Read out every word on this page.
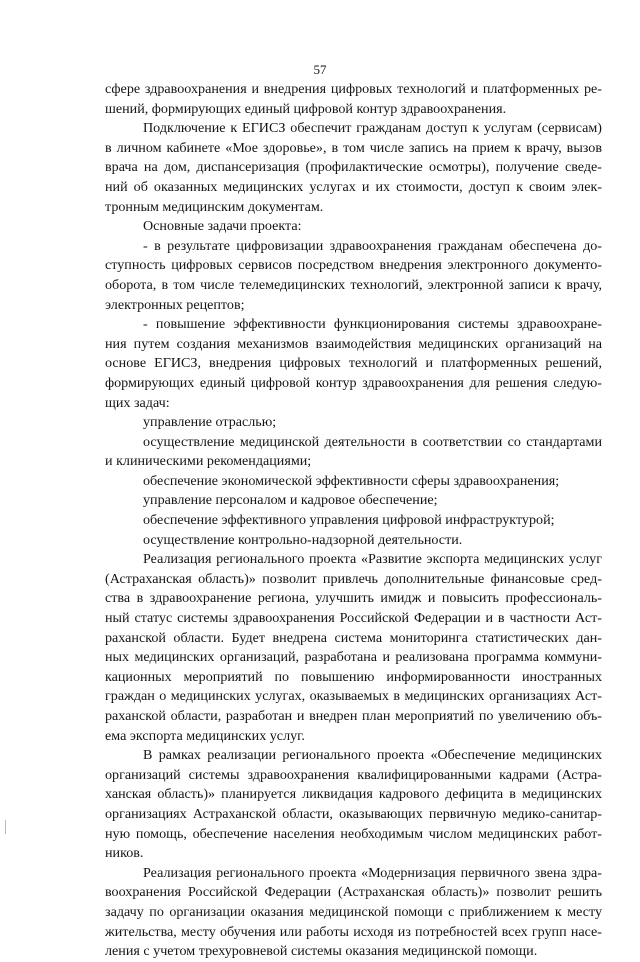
57
сфере здравоохранения и внедрения цифровых технологий и платформенных ре-
шений, формирующих единый цифровой контур здравоохранения.
Подключение к ЕГИСЗ обеспечит гражданам доступ к услугам (сервисам)
в личном кабинете «Мое здоровье», в том числе запись на прием к врачу, вызов
врача на дом, диспансеризация (профилактические осмотры), получение сведе-
ний об оказанных медицинских услугах и их стоимости, доступ к своим элек-
тронным медицинским документам.
Основные задачи проекта:
- в результате цифровизации здравоохранения гражданам обеспечена до-
ступность цифровых сервисов посредством внедрения электронного документо-
оборота, в том числе телемедицинских технологий, электронной записи к врачу,
электронных рецептов;
- повышение эффективности функционирования системы здравоохране-
ния путем создания механизмов взаимодействия медицинских организаций на
основе ЕГИСЗ, внедрения цифровых технологий и платформенных решений,
формирующих единый цифровой контур здравоохранения для решения следую-
щих задач:
управление отраслью;
осуществление медицинской деятельности в соответствии со стандартами
и клиническими рекомендациями;
обеспечение экономической эффективности сферы здравоохранения;
управление персоналом и кадровое обеспечение;
обеспечение эффективного управления цифровой инфраструктурой;
осуществление контрольно-надзорной деятельности.
Реализация регионального проекта «Развитие экспорта медицинских услуг
(Астраханская область)» позволит привлечь дополнительные финансовые сред-
ства в здравоохранение региона, улучшить имидж и повысить профессиональ-
ный статус системы здравоохранения Российской Федерации и в частности Аст-
раханской области. Будет внедрена система мониторинга статистических дан-
ных медицинских организаций, разработана и реализована программа коммуни-
кационных мероприятий по повышению информированности иностранных
граждан о медицинских услугах, оказываемых в медицинских организациях Аст-
раханской области, разработан и внедрен план мероприятий по увеличению объ-
ема экспорта медицинских услуг.
В рамках реализации регионального проекта «Обеспечение медицинских
организаций системы здравоохранения квалифицированными кадрами (Астра-
ханская область)» планируется ликвидация кадрового дефицита в медицинских
организациях Астраханской области, оказывающих первичную медико-санитар-
ную помощь, обеспечение населения необходимым числом медицинских работ-
ников.
Реализация регионального проекта «Модернизация первичного звена здра-
воохранения Российской Федерации (Астраханская область)» позволит решить
задачу по организации оказания медицинской помощи с приближением к месту
жительства, месту обучения или работы исходя из потребностей всех групп насе-
ления с учетом трехуровневой системы оказания медицинской помощи.
